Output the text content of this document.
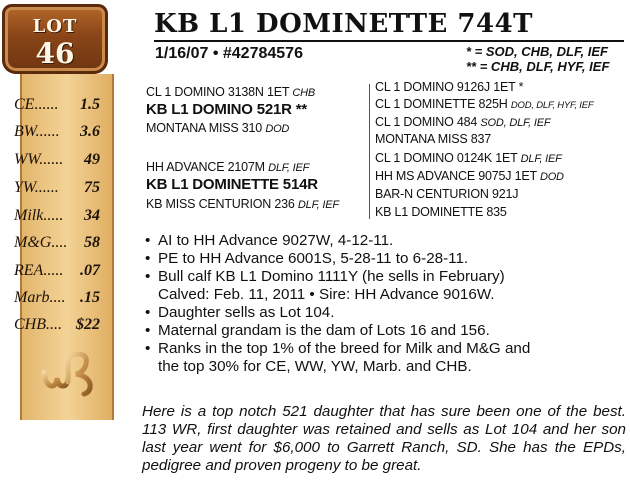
LOT
46
CE...... 1.5
BW...... 3.6
WW...... 49
YW...... 75
Milk..... 34
M&G.... 58
REA..... .07
Marb.... .15
CHB.... $22
KB L1 DOMINETTE 744T
1/16/07 • #42784576	* = SOD, CHB, DLF, IEF
** = CHB, DLF, HYF, IEF
CL 1 DOMINO 3138N 1ET CHB
KB L1 DOMINO 521R **
MONTANA MISS 310 DOD
HH ADVANCE 2107M DLF, IEF
KB L1 DOMINETTE 514R
KB MISS CENTURION 236 DLF, IEF
CL 1 DOMINO 9126J 1ET *
CL 1 DOMINETTE 825H DOD, DLF, HYF, IEF
CL 1 DOMINO 484 SOD, DLF, IEF
MONTANA MISS 837
CL 1 DOMINO 0124K 1ET DLF, IEF
HH MS ADVANCE 9075J 1ET DOD
BAR-N CENTURION 921J
KB L1 DOMINETTE 835
• AI to HH Advance 9027W, 4-12-11.
• PE to HH Advance 6001S, 5-28-11 to 6-28-11.
• Bull calf KB L1 Domino 1111Y (he sells in February)
Calved: Feb. 11, 2011 • Sire: HH Advance 9016W.
• Daughter sells as Lot 104.
• Maternal grandam is the dam of Lots 16 and 156.
• Ranks in the top 1% of the breed for Milk and M&G and
the top 30% for CE, WW, YW, Marb. and CHB.

Here is a top notch 521 daughter that has sure been one of the best. 113 WR, first daughter was retained and sells as Lot 104 and her son last year went for $6,000 to Garrett Ranch, SD. She has the EPDs, pedigree and proven progeny to be great.
